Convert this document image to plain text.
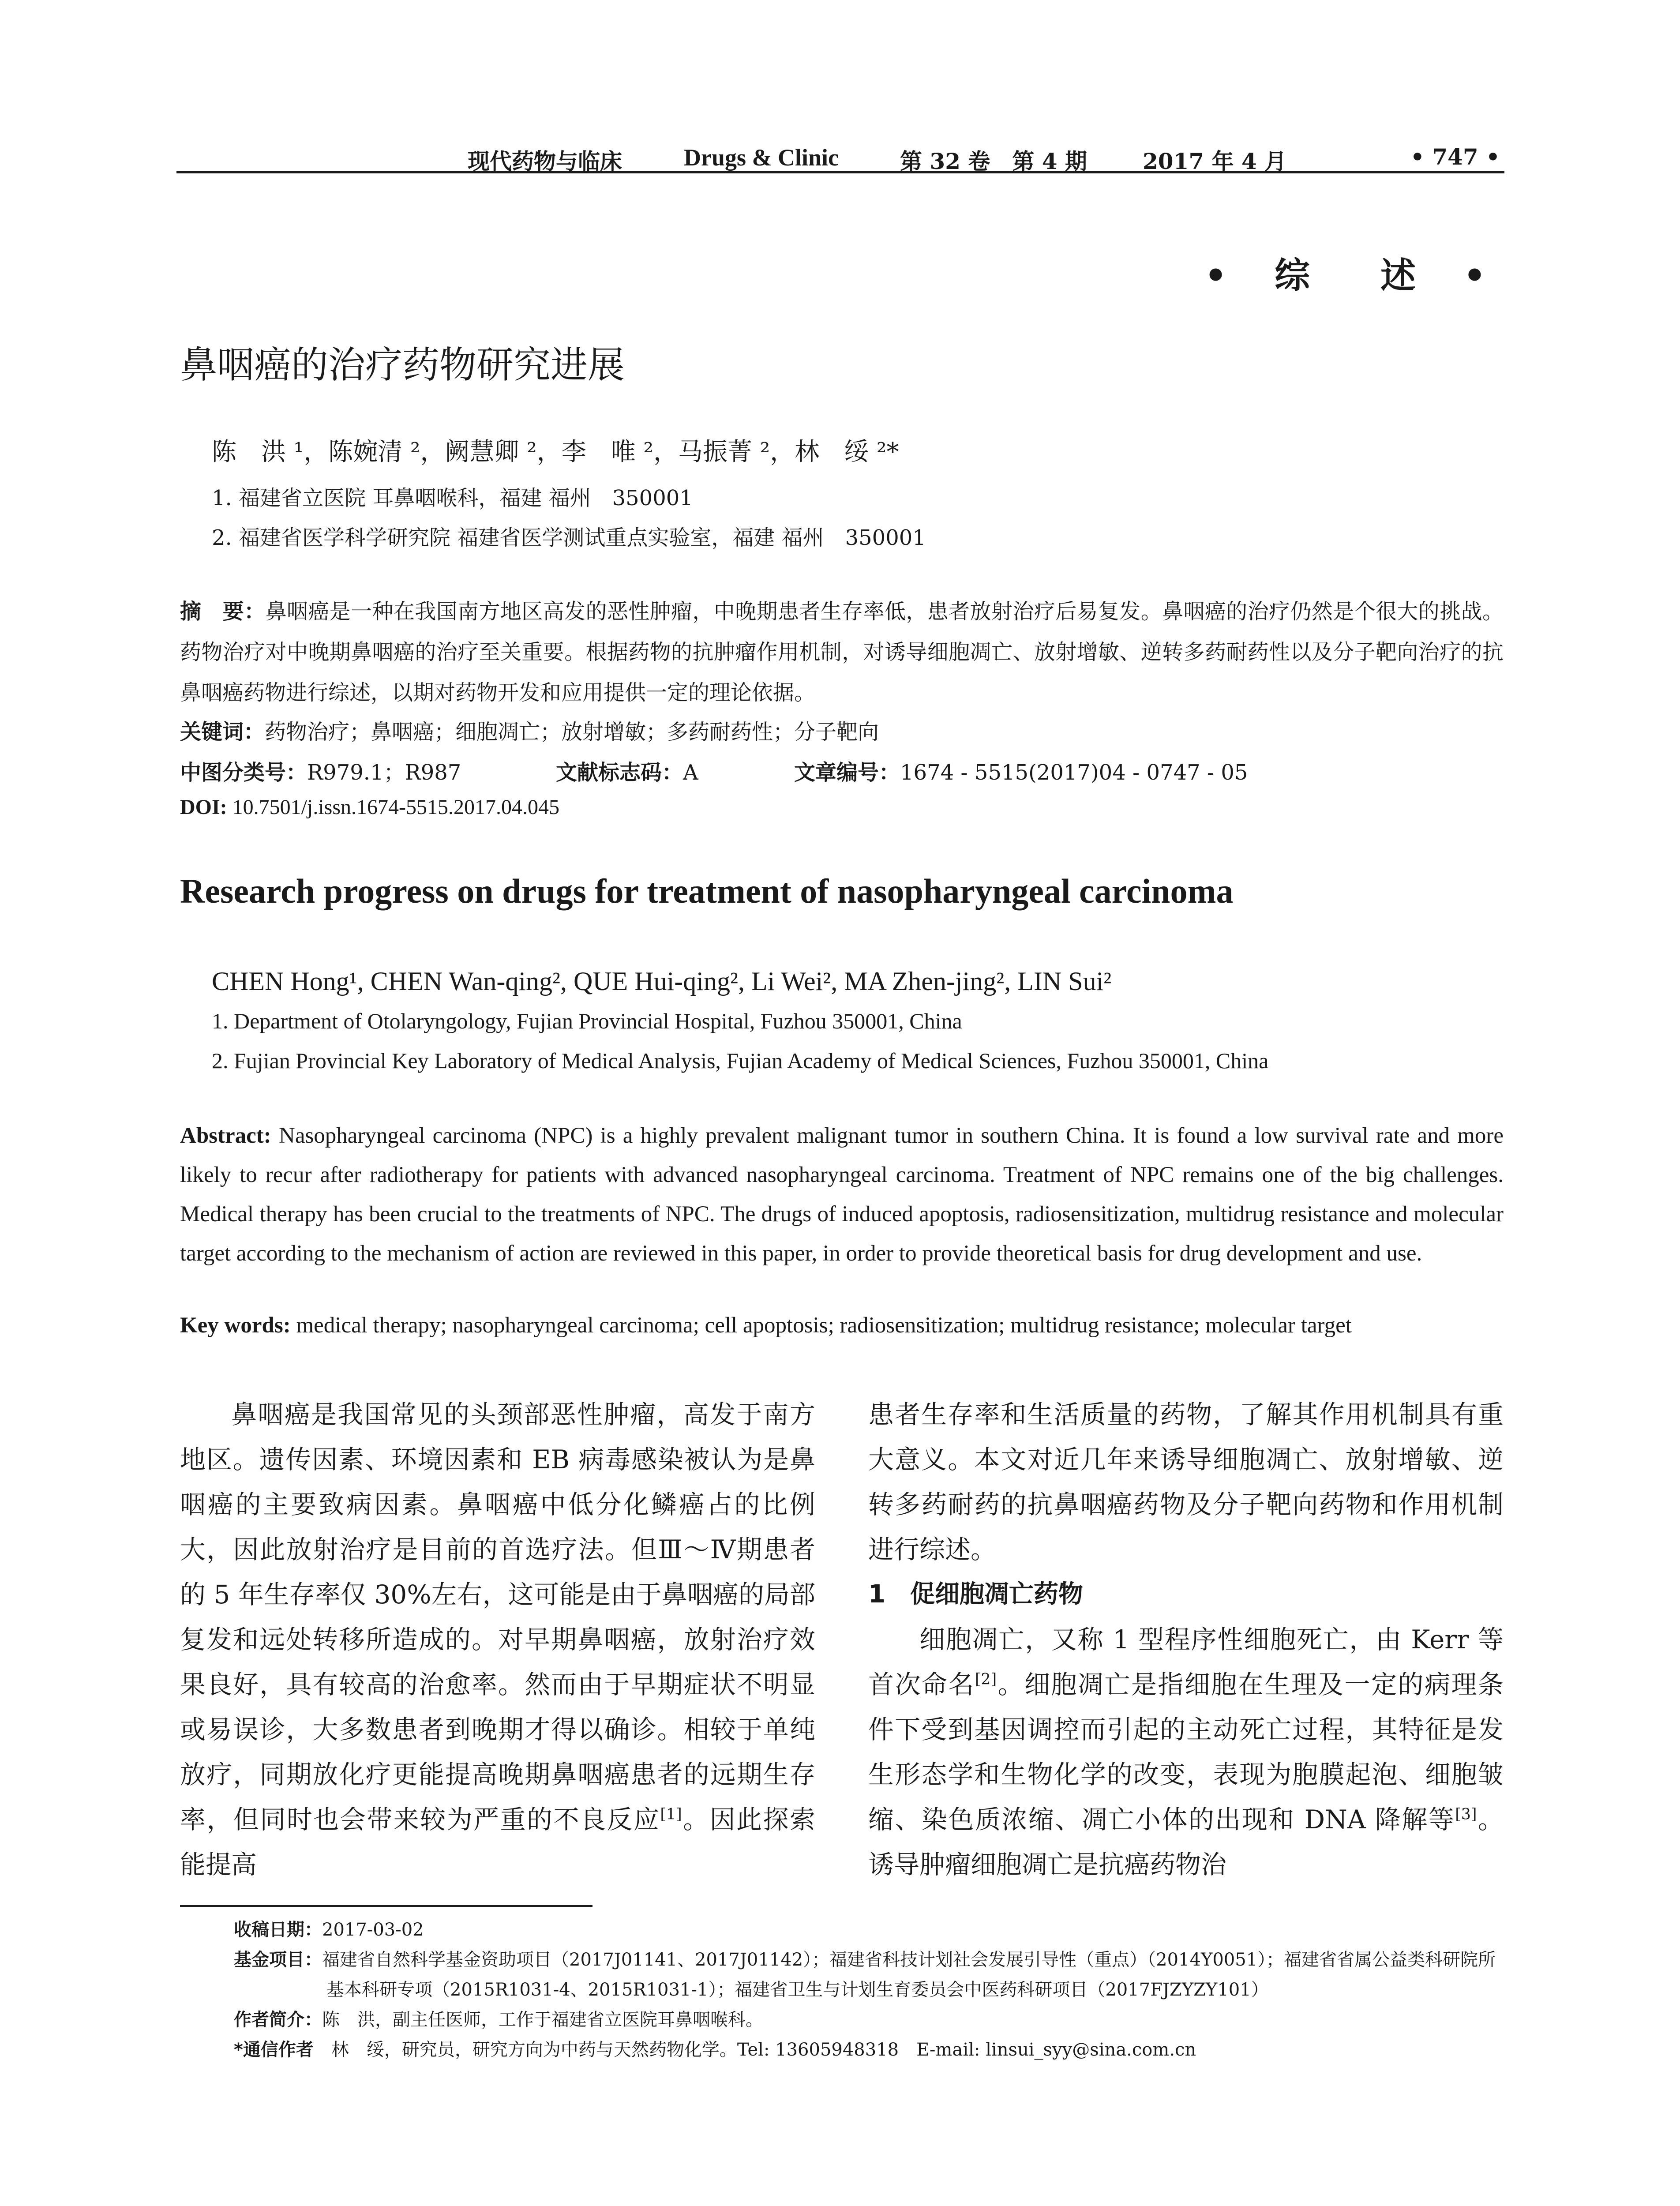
现代药物与临床	Drugs & Clinic	第 32 卷　第 4 期	2017 年 4 月	• 747 •
• 综　述 •
鼻咽癌的治疗药物研究进展
陈　洪 ¹，陈婉清 ²，阙慧卿 ²，李　唯 ²，马振菁 ²，林　绥 ²*
1. 福建省立医院 耳鼻咽喉科，福建 福州　350001
2. 福建省医学科学研究院 福建省医学测试重点实验室，福建 福州　350001
摘　要：鼻咽癌是一种在我国南方地区高发的恶性肿瘤，中晚期患者生存率低，患者放射治疗后易复发。鼻咽癌的治疗仍然是个很大的挑战。药物治疗对中晚期鼻咽癌的治疗至关重要。根据药物的抗肿瘤作用机制，对诱导细胞凋亡、放射增敏、逆转多药耐药性以及分子靶向治疗的抗鼻咽癌药物进行综述，以期对药物开发和应用提供一定的理论依据。
关键词：药物治疗；鼻咽癌；细胞凋亡；放射增敏；多药耐药性；分子靶向
中图分类号：R979.1；R987	文献标志码：A	文章编号：1674 - 5515(2017)04 - 0747 - 05
DOI: 10.7501/j.issn.1674-5515.2017.04.045
Research progress on drugs for treatment of nasopharyngeal carcinoma
CHEN Hong¹, CHEN Wan-qing², QUE Hui-qing², Li Wei², MA Zhen-jing², LIN Sui²
1. Department of Otolaryngology, Fujian Provincial Hospital, Fuzhou 350001, China
2. Fujian Provincial Key Laboratory of Medical Analysis, Fujian Academy of Medical Sciences, Fuzhou 350001, China
Abstract: Nasopharyngeal carcinoma (NPC) is a highly prevalent malignant tumor in southern China. It is found a low survival rate and more likely to recur after radiotherapy for patients with advanced nasopharyngeal carcinoma. Treatment of NPC remains one of the big challenges. Medical therapy has been crucial to the treatments of NPC. The drugs of induced apoptosis, radiosensitization, multidrug resistance and molecular target according to the mechanism of action are reviewed in this paper, in order to provide theoretical basis for drug development and use.
Key words: medical therapy; nasopharyngeal carcinoma; cell apoptosis; radiosensitization; multidrug resistance; molecular target

鼻咽癌是我国常见的头颈部恶性肿瘤，高发于南方地区。遗传因素、环境因素和 EB 病毒感染被认为是鼻咽癌的主要致病因素。鼻咽癌中低分化鳞癌占的比例大，因此放射治疗是目前的首选疗法。但Ⅲ～Ⅳ期患者的 5 年生存率仅 30%左右，这可能是由于鼻咽癌的局部复发和远处转移所造成的。对早期鼻咽癌，放射治疗效果良好，具有较高的治愈率。然而由于早期症状不明显或易误诊，大多数患者到晚期才得以确诊。相较于单纯放疗，同期放化疗更能提高晚期鼻咽癌患者的远期生存率，但同时也会带来较为严重的不良反应[1]。因此探索能提高

患者生存率和生活质量的药物，了解其作用机制具有重大意义。本文对近几年来诱导细胞凋亡、放射增敏、逆转多药耐药的抗鼻咽癌药物及分子靶向药物和作用机制进行综述。

1　促细胞凋亡药物

细胞凋亡，又称 1 型程序性细胞死亡，由 Kerr 等首次命名[2]。细胞凋亡是指细胞在生理及一定的病理条件下受到基因调控而引起的主动死亡过程，其特征是发生形态学和生物化学的改变，表现为胞膜起泡、细胞皱缩、染色质浓缩、凋亡小体的出现和 DNA 降解等[3]。诱导肿瘤细胞凋亡是抗癌药物治

收稿日期：2017-03-02
基金项目：福建省自然科学基金资助项目（2017J01141、2017J01142）；福建省科技计划社会发展引导性（重点）（2014Y0051）；福建省省属公益类科研院所基本科研专项（2015R1031-4、2015R1031-1）；福建省卫生与计划生育委员会中医药科研项目（2017FJZYZY101）
作者简介：陈　洪，副主任医师，工作于福建省立医院耳鼻咽喉科。
*通信作者　 林　绥，研究员，研究方向为中药与天然药物化学。Tel: 13605948318　E-mail: linsui_syy@sina.com.cn
